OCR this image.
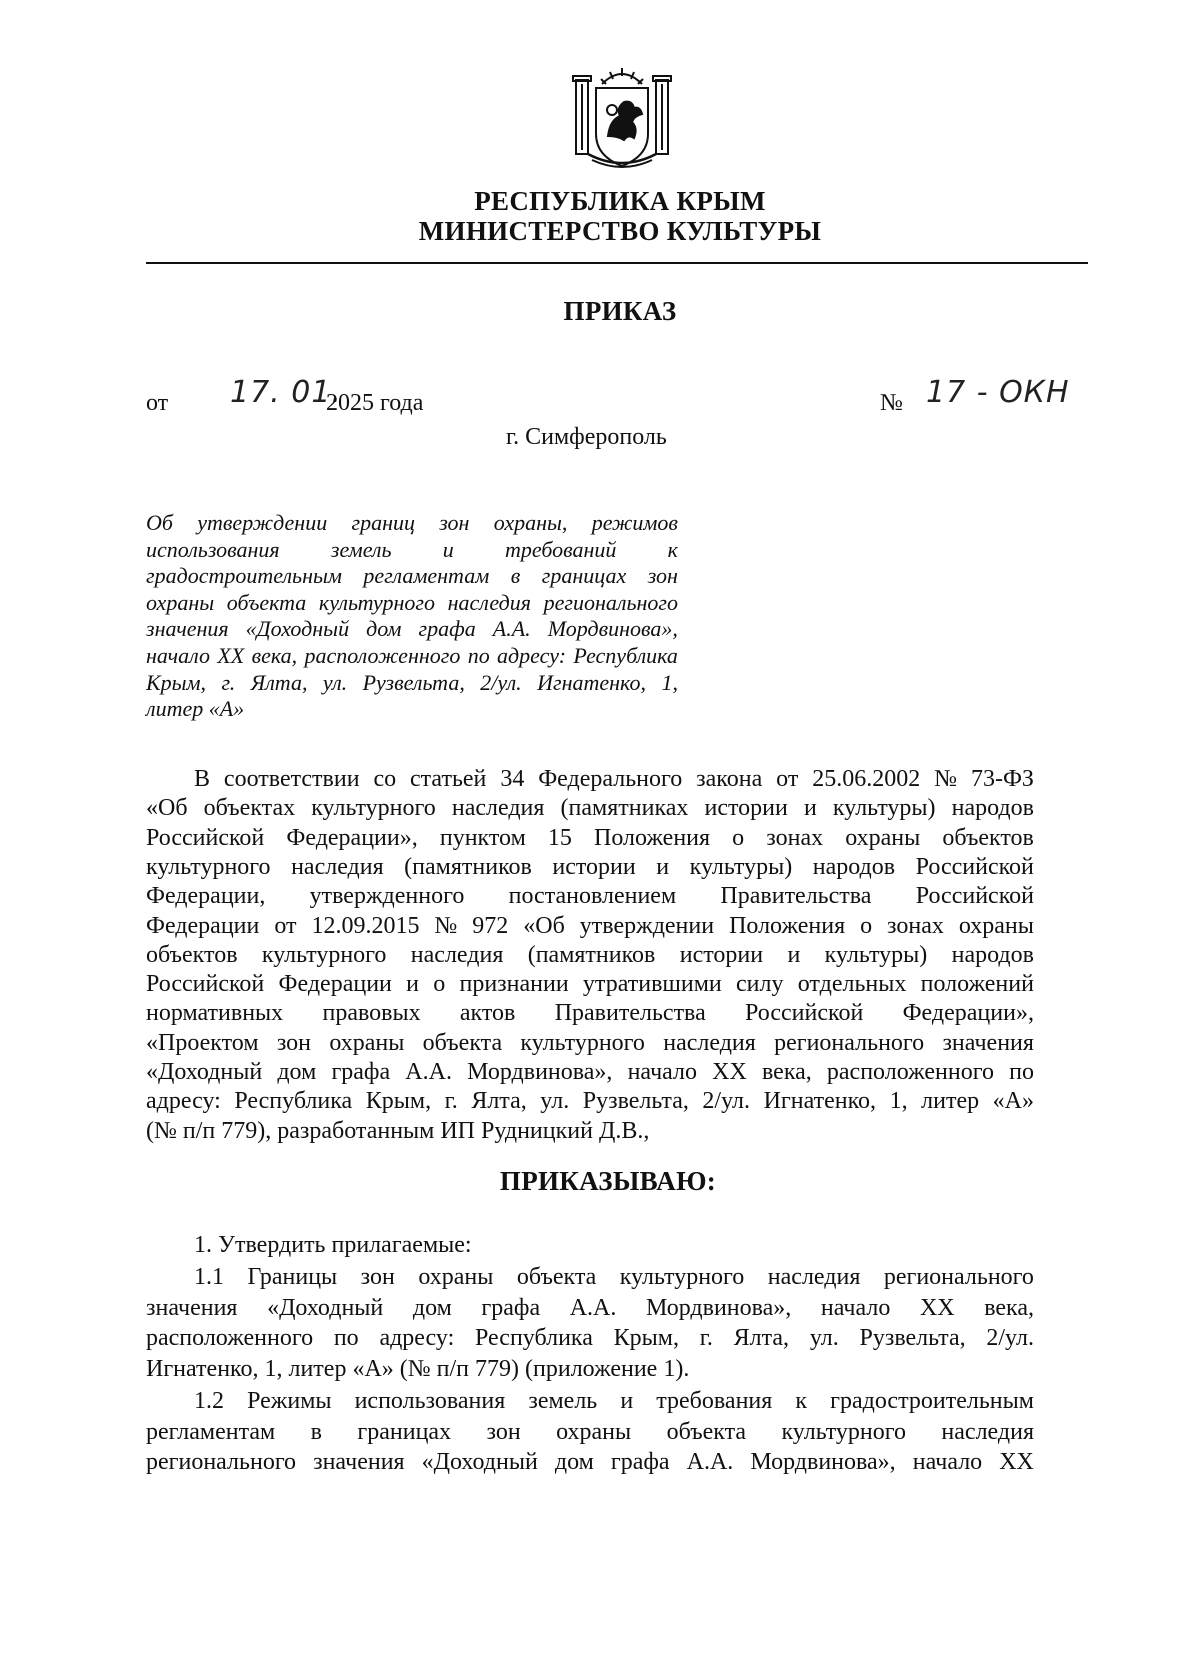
РЕСПУБЛИКА КРЫМ
МИНИСТЕРСТВО КУЛЬТУРЫ
ПРИКАЗ
от 17. 01.
2025 года	№ 17 - ОКН
г. Симферополь
Об утверждении границ зон охраны, режимов
использования земель и требований к
градостроительным регламентам в границах зон
охраны объекта культурного наследия регионального
значения «Доходный дом графа А.А. Мордвинова»,
начало XX века, расположенного по адресу: Республика
Крым, г. Ялта, ул. Рузвельта, 2/ул. Игнатенко, 1,
литер «А»
В соответствии со статьей 34 Федерального закона от 25.06.2002 № 73-ФЗ
«Об объектах культурного наследия (памятниках истории и культуры) народов
Российской Федерации», пунктом 15 Положения о зонах охраны объектов
культурного наследия (памятников истории и культуры) народов Российской
Федерации, утвержденного постановлением Правительства Российской
Федерации от 12.09.2015 № 972 «Об утверждении Положения о зонах охраны
объектов культурного наследия (памятников истории и культуры) народов
Российской Федерации и о признании утратившими силу отдельных положений
нормативных правовых актов Правительства Российской Федерации»,
«Проектом зон охраны объекта культурного наследия регионального значения
«Доходный дом графа А.А. Мордвинова», начало XX века, расположенного по
адресу: Республика Крым, г. Ялта, ул. Рузвельта, 2/ул. Игнатенко, 1, литер «А»
(№ п/п 779), разработанным ИП Рудницкий Д.В.,
ПРИКАЗЫВАЮ:
1. Утвердить прилагаемые:
1.1 Границы зон охраны объекта культурного наследия регионального
значения «Доходный дом графа А.А. Мордвинова», начало XX века,
расположенного по адресу: Республика Крым, г. Ялта, ул. Рузвельта, 2/ул.
Игнатенко, 1, литер «А» (№ п/п 779) (приложение 1).
1.2 Режимы использования земель и требования к градостроительным
регламентам в границах зон охраны объекта культурного наследия
регионального значения «Доходный дом графа А.А. Мордвинова», начало XX
